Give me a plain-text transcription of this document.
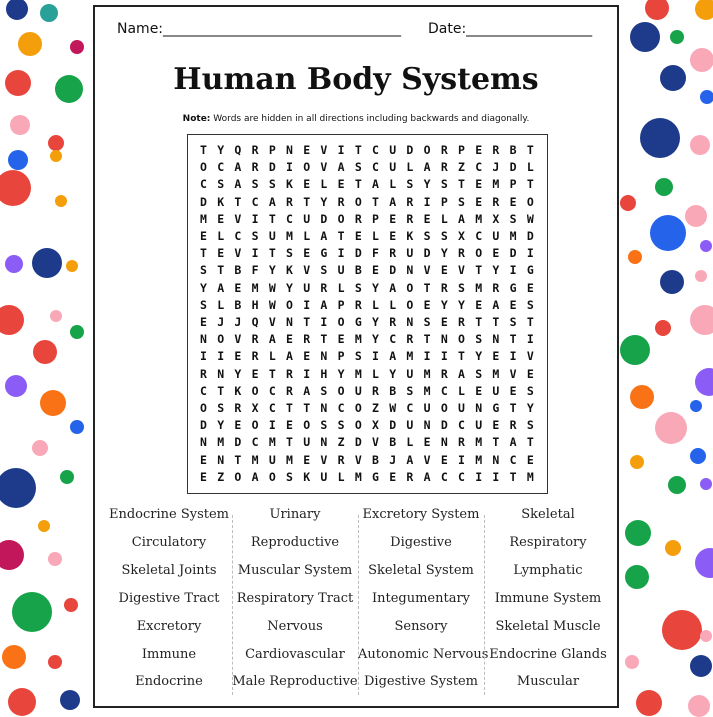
Name:__________________________________ Date:__________________
Human Body Systems
Note: Words are hidden in all directions including backwards and diagonally.
T Y Q R P N E V I T C U D O R P E R B T
O C A R D I O V A S C U L A R Z C J D L
C S A S S K E L E T A L S Y S T E M P T
D K T C A R T Y R O T A R I P S E R E O
M E V I T C U D O R P E R E L A M X S W
E L C S U M L A T E L E K S S X C U M D
T E V I T S E G I D F R U D Y R O E D I
S T B F Y K V S U B E D N V E V T Y I G
Y A E M W Y U R L S Y A O T R S M R G E
S L B H W O I A P R L L O E Y Y E A E S
E J J Q V N T I O G Y R N S E R T T S T
N O V R A E R T E M Y C R T N O S N T I
I I E R L A E N P S I A M I I T Y E I V
R N Y E T R I H Y M L Y U M R A S M V E
C T K O C R A S O U R B S M C L E U E S
O S R X C T T N C O Z W C U O U N G T Y
D Y E O I E O S S O X D U N D C U E R S
N M D C M T U N Z D V B L E N R M T A T
E N T M U M E V R V B J A V E I M N C E
E Z O A O S K U L M G E R A C C I I T M
Endocrine System
Circulatory
Skeletal Joints
Digestive Tract
Excretory
Immune
Endocrine
Urinary
Reproductive
Muscular System
Respiratory Tract
Nervous
Cardiovascular
Male Reproductive
Excretory System
Digestive
Skeletal System
Integumentary
Sensory
Autonomic Nervous
Digestive System
Skeletal
Respiratory
Lymphatic
Immune System
Skeletal Muscle
Endocrine Glands
Muscular
